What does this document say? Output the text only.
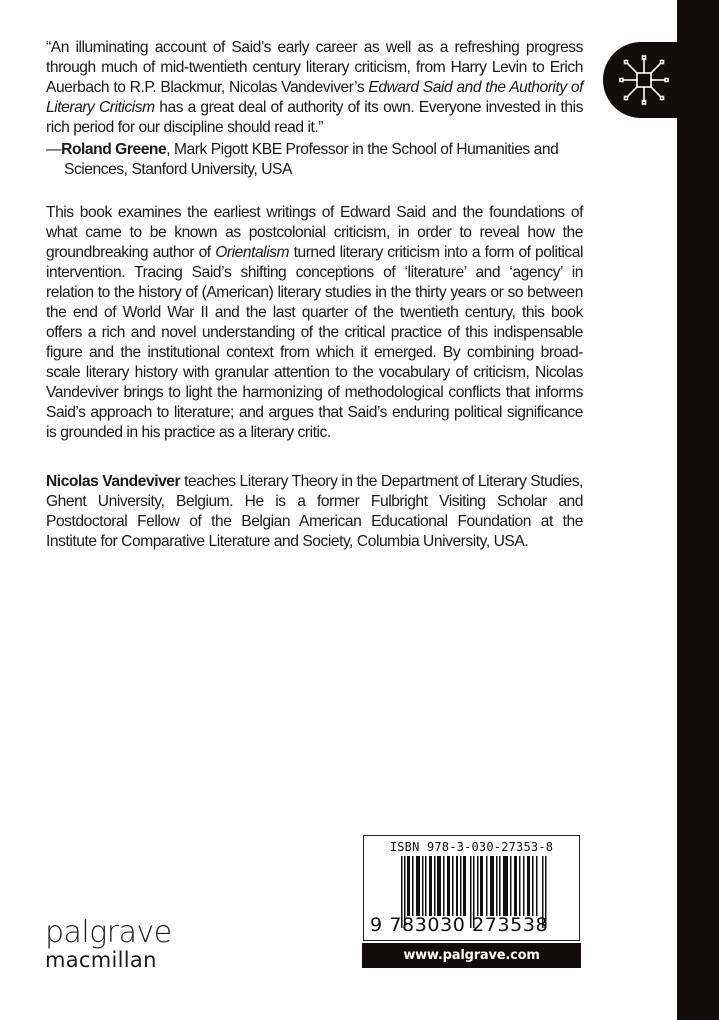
“An illuminating account of Said’s early career as well as a refreshing progress through much of mid-twentieth century literary criticism, from Harry Levin to Erich Auerbach to R.P. Blackmur, Nicolas Vandeviver’s Edward Said and the Authority of Literary Criticism has a great deal of authority of its own. Everyone invested in this rich period for our discipline should read it.”

—Roland Greene, Mark Pigott KBE Professor in the School of Humanities and
Sciences, Stanford University, USA

This book examines the earliest writings of Edward Said and the foundations of what came to be known as postcolonial criticism, in order to reveal how the groundbreaking author of Orientalism turned literary criticism into a form of political intervention. Tracing Said’s shifting conceptions of ‘literature’ and ‘agency’ in relation to the history of (American) literary studies in the thirty years or so between the end of World War II and the last quarter of the twentieth century, this book offers a rich and novel understanding of the critical practice of this indispensable figure and the institutional context from which it emerged. By combining broad-scale literary history with granular attention to the vocabulary of criticism, Nicolas Vandeviver brings to light the harmonizing of methodological conflicts that informs Said’s approach to literature; and argues that Said’s enduring political significance is grounded in his practice as a literary critic.

Nicolas Vandeviver teaches Literary Theory in the Department of Literary Studies, Ghent University, Belgium. He is a former Fulbright Visiting Scholar and Postdoctoral Fellow of the Belgian American Educational Foundation at the Institute for Comparative Literature and Society, Columbia University, USA.

palgrave
macmillan
ISBN 978-3-030-27353-8
9 783030 273538
www.palgrave.com
